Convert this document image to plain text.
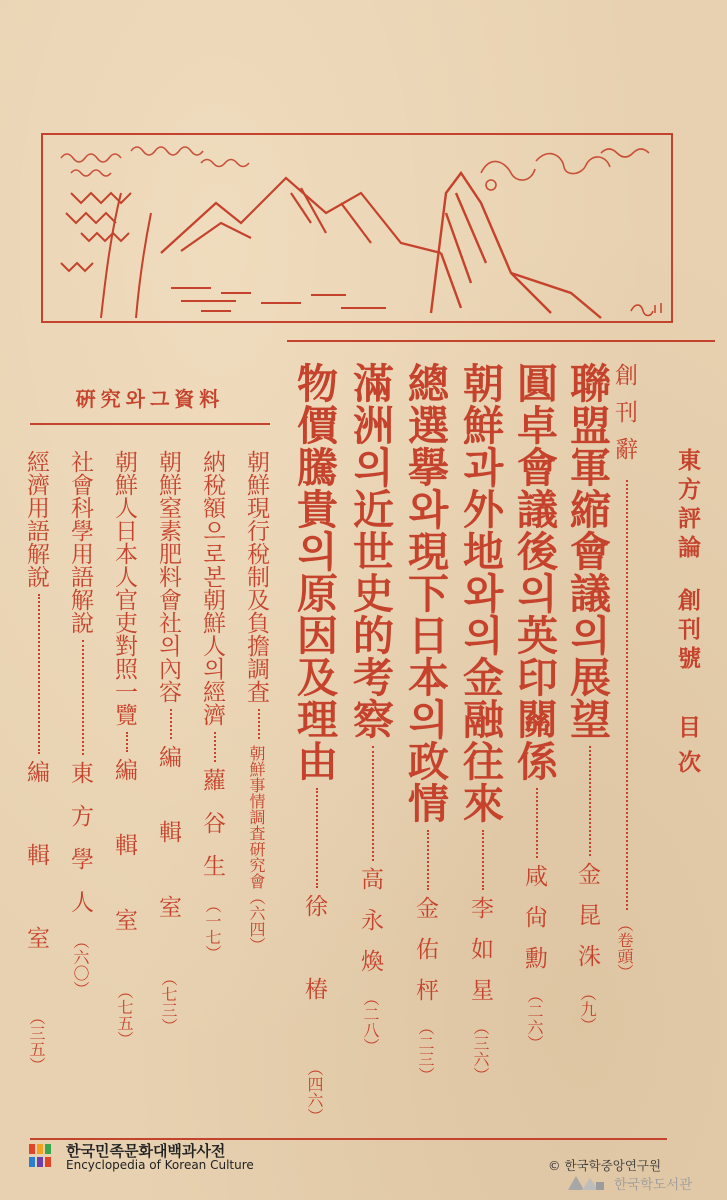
東方評論創刊號目次
創刊辭（卷頭）
聯盟軍縮會議의展望金昆洙（九）
圓卓會議後의英印關係咸尙勳（二六）
朝鮮과外地와의金融往來李如星（三六）
總選擧와現下日本의政情金佑枰（二三）
滿洲의近世史的考察高永煥（二八）
物價騰貴의原因及理由徐椿（四六）
硏究와그資料
朝鮮現行稅制及負擔調査朝鮮事情調査硏究會（六四）
納稅額으로본朝鮮人의經濟蘿谷生（一七）
朝鮮窒素肥料會社의內容編輯室（七三）
朝鮮人日本人官吏對照一覽編輯室（七五）
社會科學用語解說東方學人（六〇）
經濟用語解說編輯室（三五）
한국민족문화대백과사전
Encyclopedia of Korean Culture	© 한국학중앙연구원
한국학도서관
